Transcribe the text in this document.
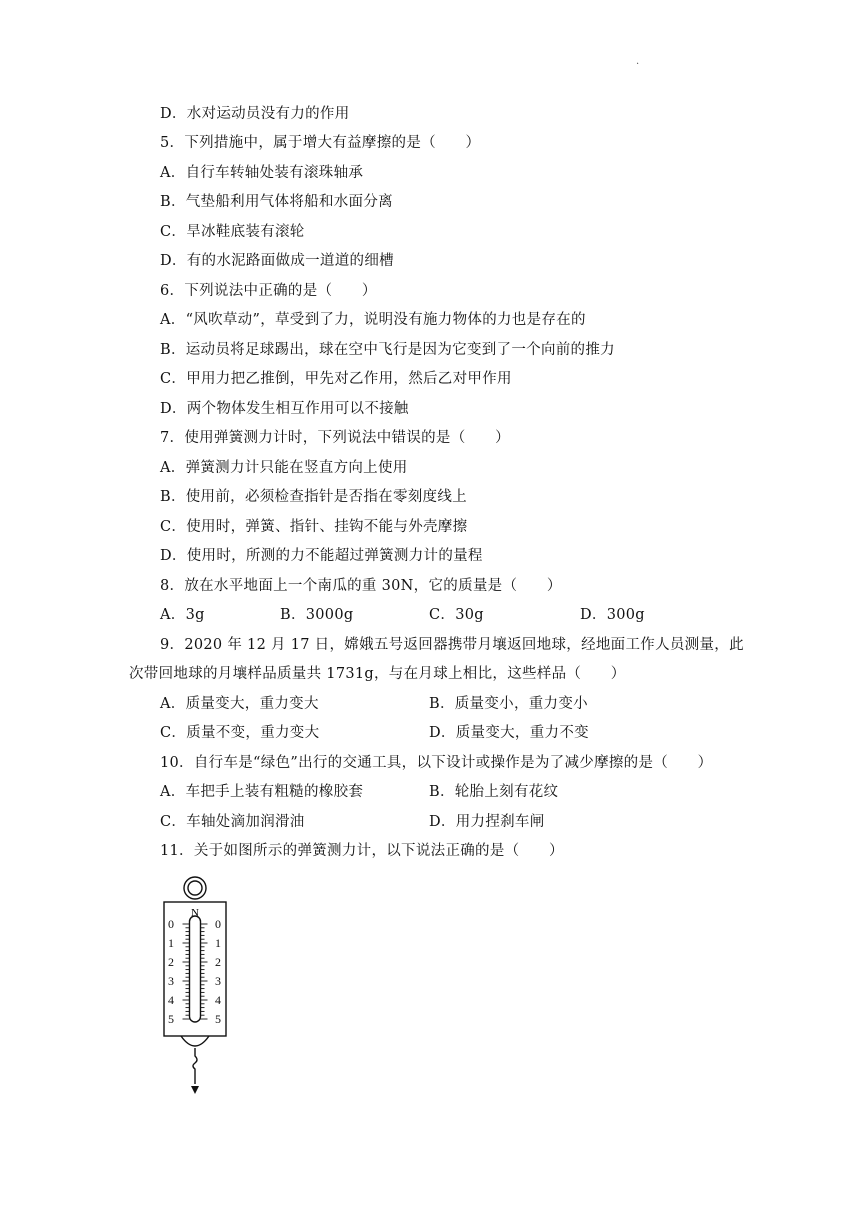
.
D．水对运动员没有力的作用
5．下列措施中，属于增大有益摩擦的是（　　）
A．自行车转轴处装有滚珠轴承
B．气垫船利用气体将船和水面分离
C．旱冰鞋底装有滚轮
D．有的水泥路面做成一道道的细槽
6．下列说法中正确的是（　　）
A．“风吹草动”，草受到了力，说明没有施力物体的力也是存在的
B．运动员将足球踢出，球在空中飞行是因为它变到了一个向前的推力
C．甲用力把乙推倒，甲先对乙作用，然后乙对甲作用
D．两个物体发生相互作用可以不接触
7．使用弹簧测力计时，下列说法中错误的是（　　）
A．弹簧测力计只能在竖直方向上使用
B．使用前，必须检查指针是否指在零刻度线上
C．使用时，弹簧、指针、挂钩不能与外壳摩擦
D．使用时，所测的力不能超过弹簧测力计的量程
8．放在水平地面上一个南瓜的重 30N，它的质量是（　　）
A．3g	B．3000g	C．30g	D．300g
9．2020 年 12 月 17 日，嫦娥五号返回器携带月壤返回地球，经地面工作人员测量，此
次带回地球的月壤样品质量共 1731g，与在月球上相比，这些样品（　　）
A．质量变大，重力变大	B．质量变小，重力变小
C．质量不变，重力变大	D．质量变大，重力不变
10．自行车是“绿色”出行的交通工具，以下设计或操作是为了减少摩擦的是（　　）
A．车把手上装有粗糙的橡胶套	B．轮胎上刻有花纹
C．车轴处滴加润滑油	D．用力捏刹车闸
11．关于如图所示的弹簧测力计，以下说法正确的是（　　）
N
0
1
2
3
4
5
0
1
2
3
4
5
